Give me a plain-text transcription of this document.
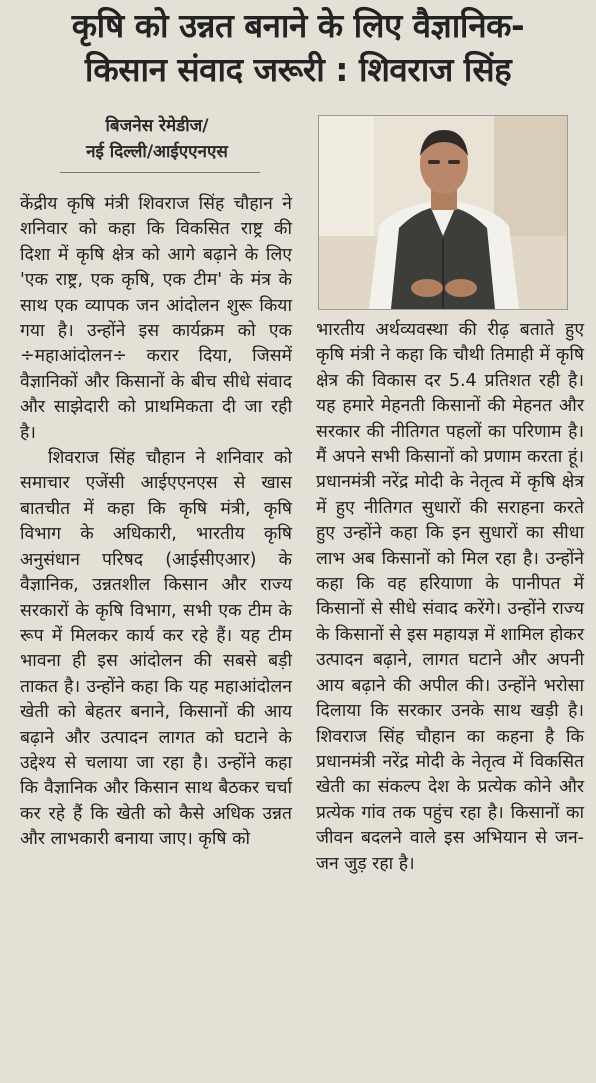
कृषि को उन्नत बनाने के लिए वैज्ञानिक-
किसान संवाद जरूरी : शिवराज सिंह
बिजनेस रेमेडीज/
नई दिल्ली/आईएएनएस

केंद्रीय कृषि मंत्री शिवराज सिंह चौहान ने शनिवार को कहा कि विकसित राष्ट्र की दिशा में कृषि क्षेत्र को आगे बढ़ाने के लिए 'एक राष्ट्र, एक कृषि, एक टीम' के मंत्र के साथ एक व्यापक जन आंदोलन शुरू किया गया है। उन्होंने इस कार्यक्रम को एक ÷महाआंदोलन÷ करार दिया, जिसमें वैज्ञानिकों और किसानों के बीच सीधे संवाद और साझेदारी को प्राथमिकता दी जा रही है।

शिवराज सिंह चौहान ने शनिवार को समाचार एजेंसी आईएएनएस से खास बातचीत में कहा कि कृषि मंत्री, कृषि विभाग के अधिकारी, भारतीय कृषि अनुसंधान परिषद (आईसीएआर) के वैज्ञानिक, उन्नतशील किसान और राज्य सरकारों के कृषि विभाग, सभी एक टीम के रूप में मिलकर कार्य कर रहे हैं। यह टीम भावना ही इस आंदोलन की सबसे बड़ी ताकत है। उन्होंने कहा कि यह महाआंदोलन खेती को बेहतर बनाने, किसानों की आय बढ़ाने और उत्पादन लागत को घटाने के उद्देश्य से चलाया जा रहा है। उन्होंने कहा कि वैज्ञानिक और किसान साथ बैठकर चर्चा कर रहे हैं कि खेती को कैसे अधिक उन्नत और लाभकारी बनाया जाए। कृषि को

भारतीय अर्थव्यवस्था की रीढ़ बताते हुए कृषि मंत्री ने कहा कि चौथी तिमाही में कृषि क्षेत्र की विकास दर 5.4 प्रतिशत रही है। यह हमारे मेहनती किसानों की मेहनत और सरकार की नीतिगत पहलों का परिणाम है। मैं अपने सभी किसानों को प्रणाम करता हूं। प्रधानमंत्री नरेंद्र मोदी के नेतृत्व में कृषि क्षेत्र में हुए नीतिगत सुधारों की सराहना करते हुए उन्होंने कहा कि इन सुधारों का सीधा लाभ अब किसानों को मिल रहा है। उन्होंने कहा कि वह हरियाणा के पानीपत में किसानों से सीधे संवाद करेंगे। उन्होंने राज्य के किसानों से इस महायज्ञ में शामिल होकर उत्पादन बढ़ाने, लागत घटाने और अपनी आय बढ़ाने की अपील की। उन्होंने भरोसा दिलाया कि सरकार उनके साथ खड़ी है। शिवराज सिंह चौहान का कहना है कि प्रधानमंत्री नरेंद्र मोदी के नेतृत्व में विकसित खेती का संकल्प देश के प्रत्येक कोने और प्रत्येक गांव तक पहुंच रहा है। किसानों का जीवन बदलने वाले इस अभियान से जन-जन जुड़ रहा है।
